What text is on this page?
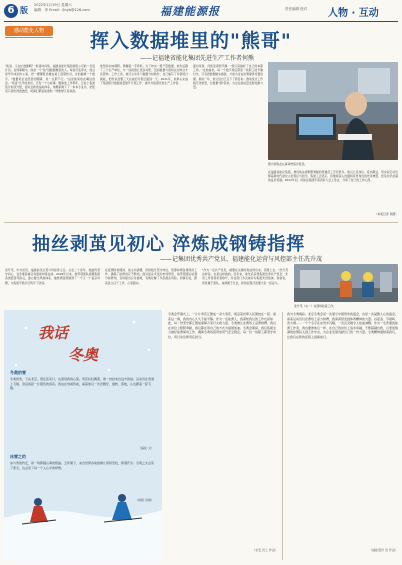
6 版
2022年2月19日 星期六
编辑：李 Email：fjnyb@126.com	福建能源报	责任编辑 校对 人物 · 互动
感动能化人物	挥入数据堆里的"熊哥"
——记福建省能化集团先进生产工作者何熊
"熊哥，又在忙数据啊？"熊哥叫何熊，福建省能化集团控股公司的一名统计员。在同事眼中，他是一个"钻"到数据堆里的人。每到月底季末，他总是早早来到办公室，把一摞摞报表摊在桌上逐项核对，生怕漏掉一个数字。"数据是企业经营的眼睛，差一点都不行。"这是他常挂在嘴边的话。"熊哥"名号的来历，还有一个小故事。刚参加工作那年，正赶上集团统计系统升级，面对全新的指标体系，他硬是啃下了一本本专业书，把报表口径吃得透透的，同事们都说他像熊一样憨厚又有韧劲。
他坚持实地调研，掌握第一手资料。为了核实一组产量数据，他先后跑了三个生产单位，与一线班组长逐条对账，直到数据与现场完全吻合才肯罢休。工作之余，他还主动学习数据分析软件，自己编写了多套统计模板，把原来需要三天完成的月报压缩到一天。2021年，他牵头完成了集团统计数据质量提升专项工作，被评为集团先进生产工作者。
面对荣誉，何熊显得很平静："我只是做好了自己的本职工作。"在他看来，每一个数字背后都是一线职工的辛勤付出，只有把数据做实做准，才能为企业决策提供可靠依据。新的一年，他又给自己定下了新目标：推动统计工作数字化转型，让数据"跑"起来，为企业高质量发展贡献力量。
图为何熊在认真审核统计报表。
在福建省能化集团，像何熊这样默默奉献的普通员工还有很多。他们立足岗位、爱岗敬业，用实际行动诠释着新时代能化人的责任与担当。集团工会表示，将继续深入挖掘和宣传身边的先进典型，营造比学赶超的良好氛围。2022年初，何熊在集团年度表彰大会上发言，分享了自己的工作心得。
（本报记者 供图）
抽丝剥茧见初心 淬炼成钢铸指挥
——记集团优秀共产党员、福建能化运营与风控部主任冼升茂
冼升茂，中共党员，福建能化运营与风控部主任。从业二十余年，他始终坚守初心，在急难险重任务面前冲锋在前。2018年以来，他带领团队梳理集团各类经营风险点，建立健全风控体系，抽丝剥茧般厘清了一个又一个复杂问题，为集团平稳运行筑牢了防线。
在疫情防控期间，他主动请缨，连续数月坚守岗位，统筹协调各项保供工作，确保了能源供应不断档。面对复杂多变的市场形势，他带领团队加强分析研判，及时提出应对措施，有效化解了多起潜在风险。同事们说，跟着冼主任干工作，心里踏实。
"作为一名共产党员，就要在关键时刻站得出来、顶得上去。"冼升茂这样说，也是这样做的。近年来，他先后获得集团优秀共产党员、先进工作者等荣誉称号，所在部门多次被评为集团先进集体。他常说，荣誉属于团队，成绩属于过去，新的征程还需要大家一起奋斗。
冼升茂（右一）在现场检查工作。
我话
冬奥
冬奥的雪
冬奥的雪，下在北京，落在张家口，也落进我的心里。雪花轻轻飘落，像一封封来自远方的信。运动员在雪道上飞驰，身后扬起一片银色的浪花。我站在电视机前，看着他们一次次腾空、旋转、落地，心也跟着一起飞翔。
（福能 文）
冰雪之约
冰与雪的约定，是一场跨越山海的相逢。五环旗下，来自世界各地的健儿同场竞技，挥洒汗水。冬奥之火点亮了寒冬，也点亮了每一个人心中的梦想。
（闽煤 供稿）
冬奥会开幕式上，一片片雪花汇聚成一朵大雪花，寓意着世界人民团结在一起。看着这一幕，我的内心久久不能平静。作为一名能源人，我深知我们的工作也是如此，每一份坚守都汇聚成保障万家灯火的力量。冬奥健儿在赛场上奋勇拼搏，我们在岗位上默默奉献，我们都在用自己的方式为祖国加油。冬奥会期间，我们集团全力做好能源保供工作，确保冬奥场馆用电用气安全稳定。每一位一线职工都坚守岗位，用行动诠释责任担当。
（永安 员工 作品）
我为冬奥喝彩。北京冬奥会是一次展示中国形象的盛会，也是一次凝聚人心的盛会。看着运动员们在赛场上奋力拼搏，我深深感受到体育精神的力量。谷爱凌、苏翊鸣、武大靖……一个个名字在冰雪中闪耀，一次次突破令人热血沸腾。作为一名普通的能源工作者，我也要像他们一样，在自己的岗位上追求卓越，不断超越自我，以更加饱满的热情投入到工作中去，为企业发展贡献自己的一份力量。冬奥精神激励着我们，让我们在新的征程上砥砺前行。
（福能股份 吴 作品）
